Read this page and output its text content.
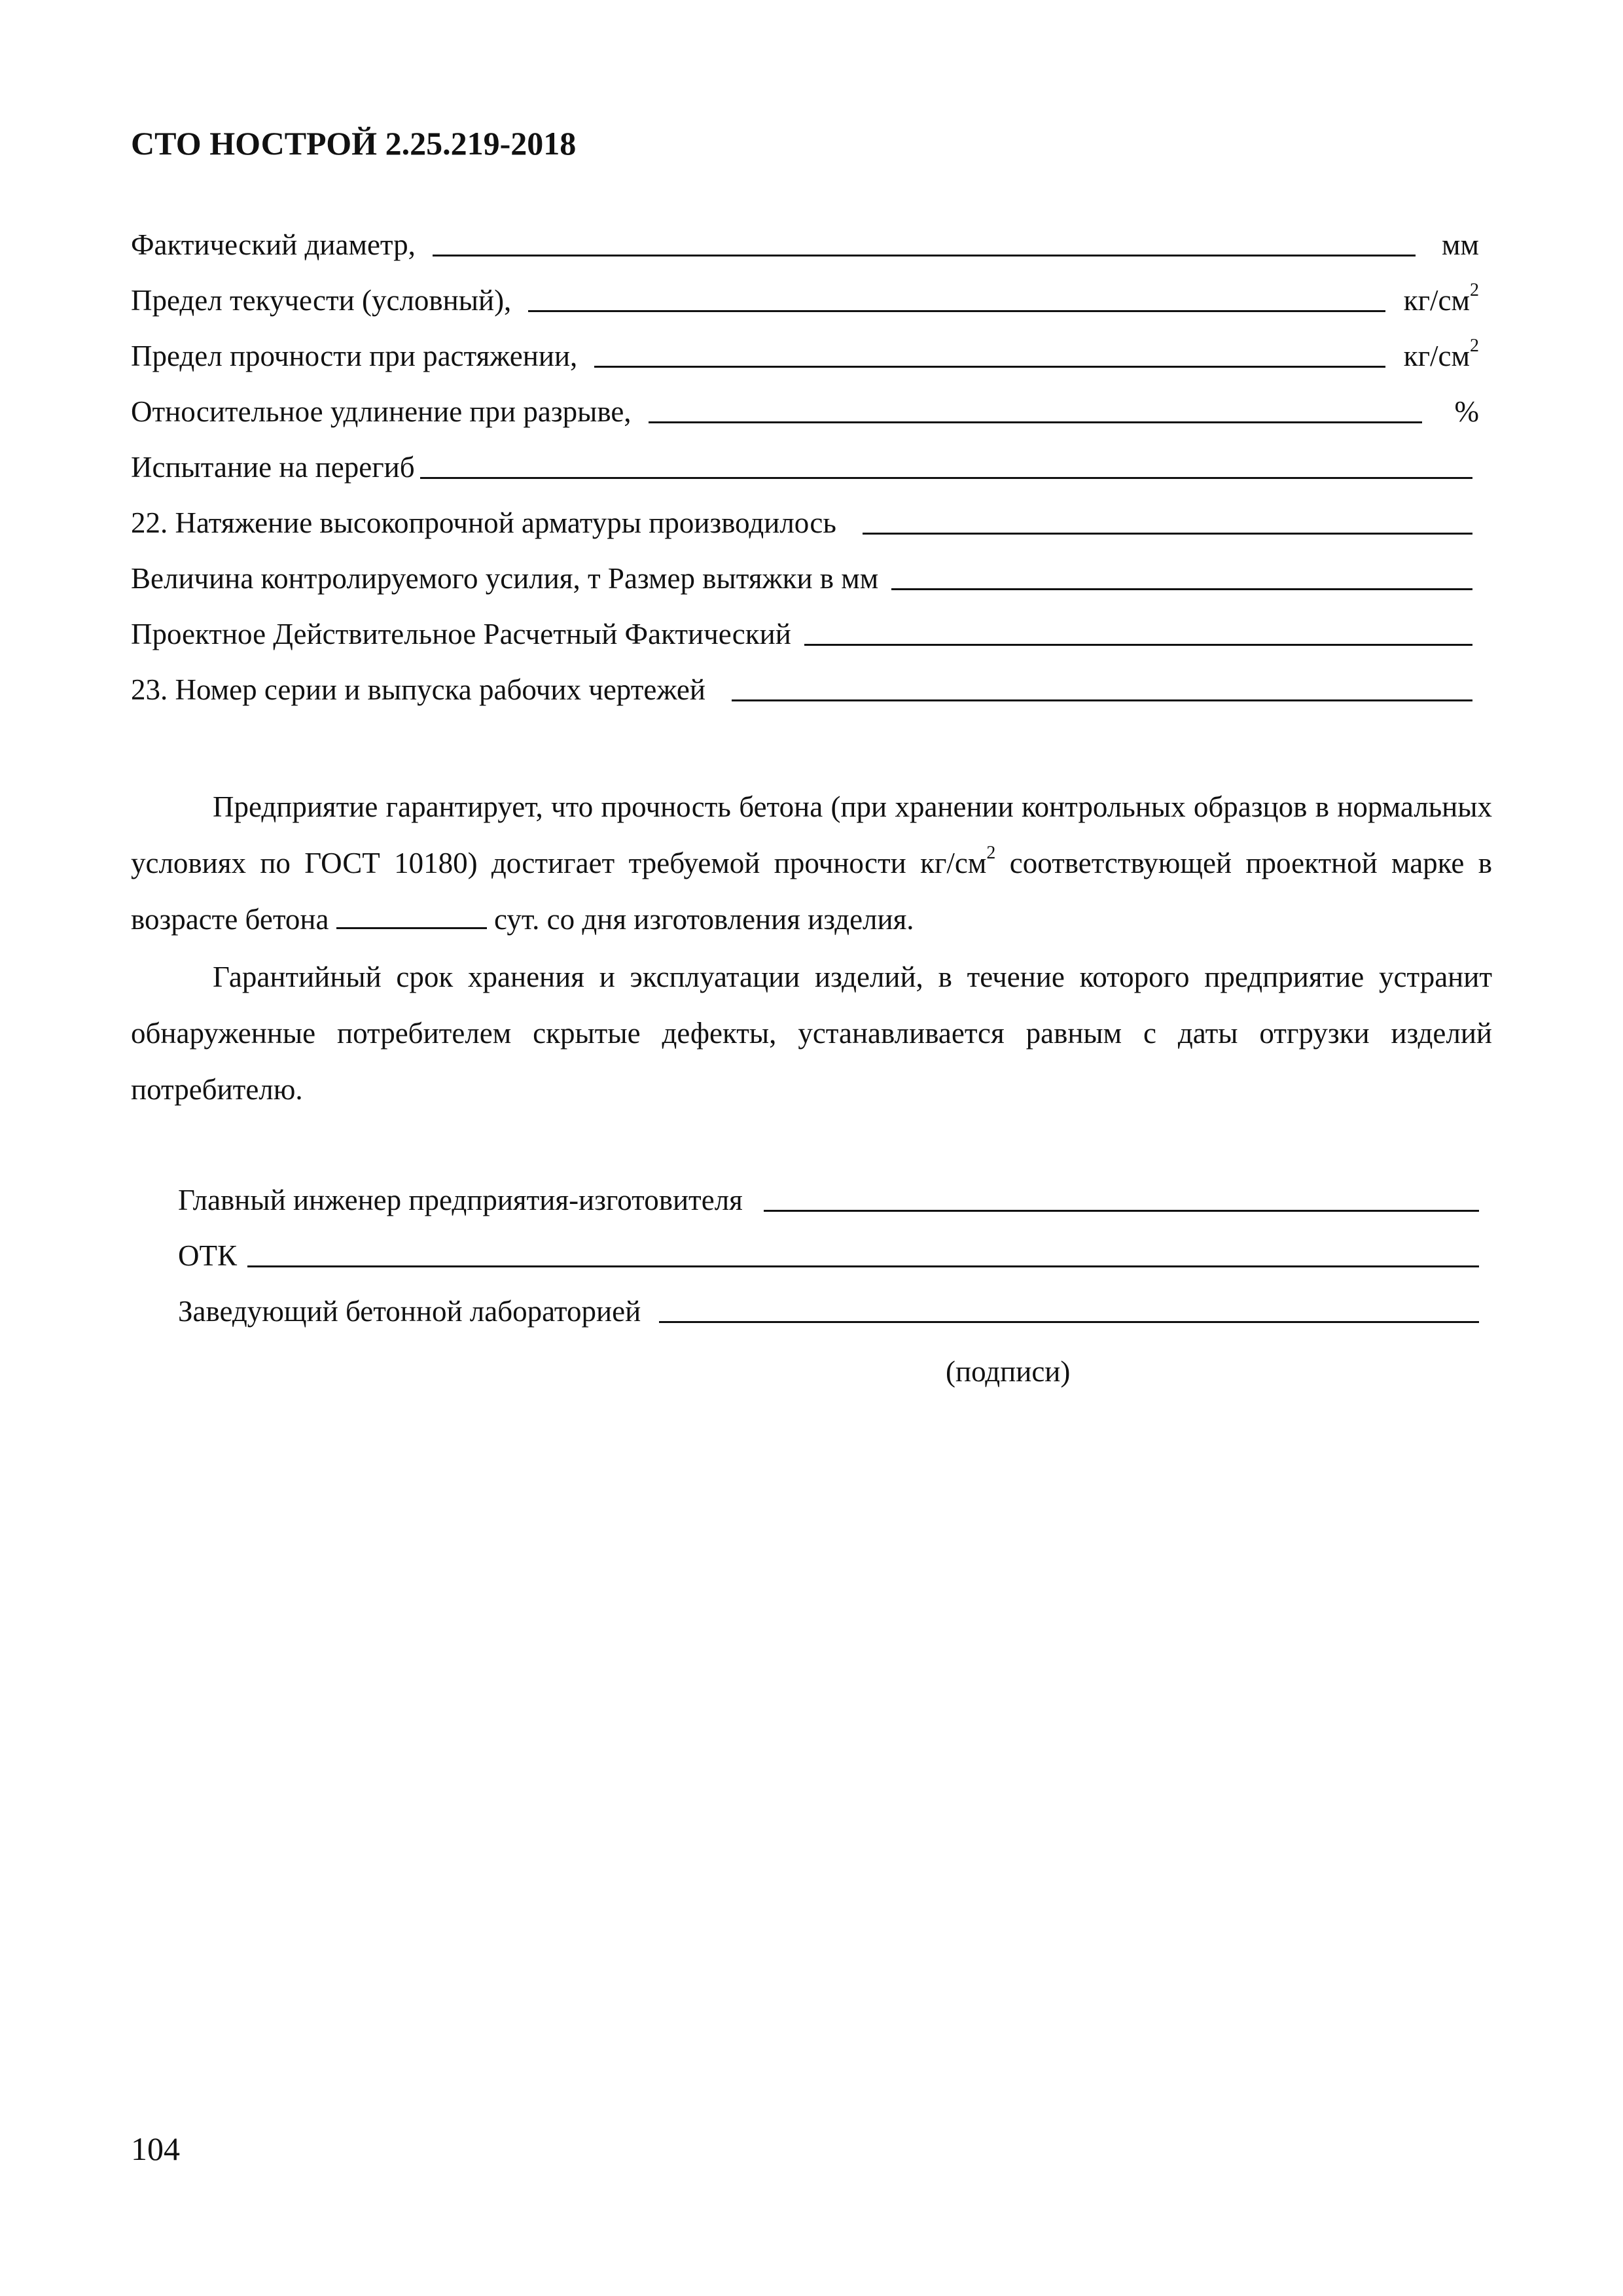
СТО НОСТРОЙ 2.25.219-2018
Фактический диаметр,	мм
Предел текучести (условный),	$кг/см^2$
Предел прочности при растяжении,	$кг/см^2$
Относительное удлинение при разрыве,	%
Испытание на перегиб
22. Натяжение высокопрочной арматуры производилось
Величина контролируемого усилия, т Размер вытяжки в мм
Проектное Действительное Расчетный Фактический
23. Номер серии и выпуска рабочих чертежей
Предприятие гарантирует, что прочность бетона (при хранении контрольных образцов в нормальных условиях по ГОСТ 10180) достигает требуемой прочности $кг/см^2$ соответствующей проектной марке в возрасте бетона	сут. со дня изготовления изделия.
Гарантийный срок хранения и эксплуатации изделий, в течение которого предприятие устранит обнаруженные потребителем скрытые дефекты, устанавливается равным с даты отгрузки изделий потребителю.
Главный инженер предприятия-изготовителя
ОТК
Заведующий бетонной лабораторией
(подписи)
104
